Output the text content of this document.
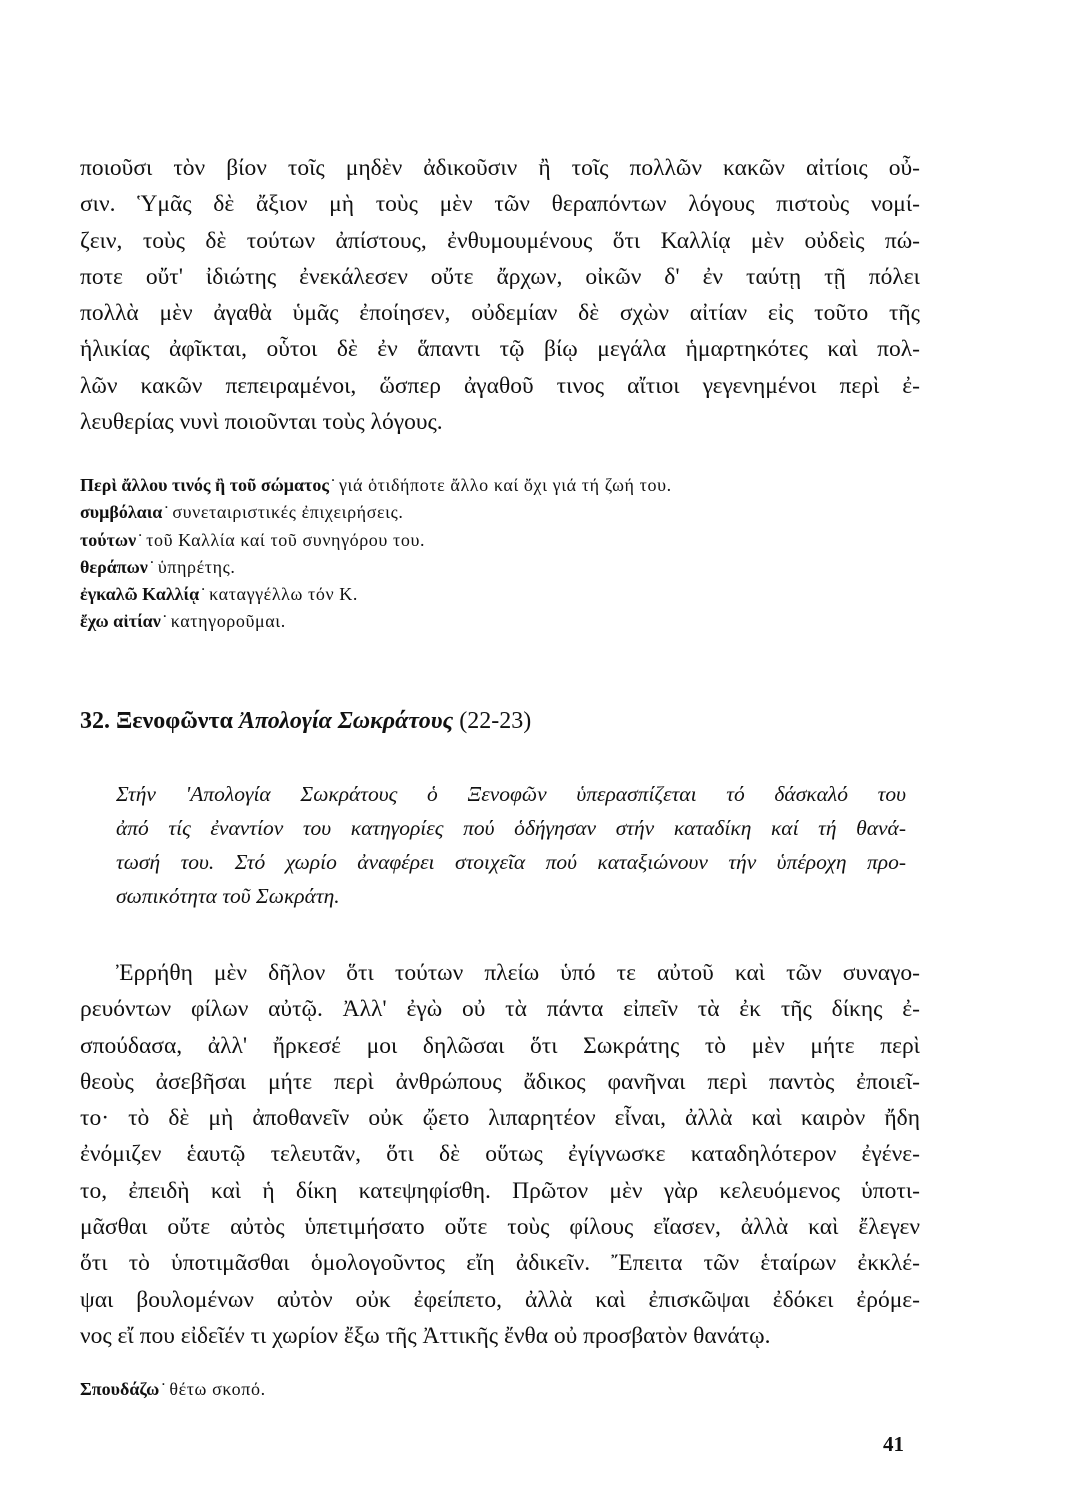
ποιοῦσι τὸν βίον τοῖς μηδὲν ἀδικοῦσιν ἢ τοῖς πολλῶν κακῶν αἰτίοις οὖ-
σιν. Ὑμᾶς δὲ ἄξιον μὴ τοὺς μὲν τῶν θεραπόντων λόγους πιστοὺς νομί-
ζειν, τοὺς δὲ τούτων ἀπίστους, ἐνθυμουμένους ὅτι Καλλίᾳ μὲν οὐδεὶς πώ-
ποτε οὔτ' ἰδιώτης ἐνεκάλεσεν οὔτε ἄρχων, οἰκῶν δ' ἐν ταύτῃ τῇ πόλει
πολλὰ μὲν ἀγαθὰ ὑμᾶς ἐποίησεν, οὐδεμίαν δὲ σχὼν αἰτίαν εἰς τοῦτο τῆς
ἡλικίας ἀφῖκται, οὗτοι δὲ ἐν ἅπαντι τῷ βίῳ μεγάλα ἡμαρτηκότες καὶ πολ-
λῶν κακῶν πεπειραμένοι, ὥσπερ ἀγαθοῦ τινος αἴτιοι γεγενημένοι περὶ ἐ-
λευθερίας νυνὶ ποιοῦνται τοὺς λόγους.
Περὶ ἄλλου τινός ἢ τοῦ σώματος˙ γιά ὁτιδήποτε ἄλλο καί ὄχι γιά τή ζωή του.
συμβόλαια˙ συνεταιριστικές ἐπιχειρήσεις.
τούτων˙ τοῦ Καλλία καί τοῦ συνηγόρου του.
θεράπων˙ ὑπηρέτης.
ἐγκαλῶ Καλλίᾳ˙ καταγγέλλω τόν Κ.
ἔχω αἰτίαν˙ κατηγοροῦμαι.
32. Ξενοφῶντα Ἀπολογία Σωκράτους (22-23)
Στήν 'Απολογία Σωκράτους ὁ Ξενοφῶν ὑπερασπίζεται τό δάσκαλό του
ἀπό τίς ἐναντίον του κατηγορίες πού ὁδήγησαν στήν καταδίκη καί τή θανά-
τωσή του. Στό χωρίο ἀναφέρει στοιχεῖα πού καταξιώνουν τήν ὑπέροχη προ-
σωπικότητα τοῦ Σωκράτη.
Ἐρρήθη μὲν δῆλον ὅτι τούτων πλείω ὑπό τε αὐτοῦ καὶ τῶν συναγο-
ρευόντων φίλων αὐτῷ. Ἀλλ' ἐγὼ οὐ τὰ πάντα εἰπεῖν τὰ ἐκ τῆς δίκης ἐ-
σπούδασα, ἀλλ' ἤρκεσέ μοι δηλῶσαι ὅτι Σωκράτης τὸ μὲν μήτε περὶ
θεοὺς ἀσεβῆσαι μήτε περὶ ἀνθρώπους ἄδικος φανῆναι περὶ παντὸς ἐποιεῖ-
το· τὸ δὲ μὴ ἀποθανεῖν οὐκ ᾤετο λιπαρητέον εἶναι, ἀλλὰ καὶ καιρὸν ἤδη
ἐνόμιζεν ἑαυτῷ τελευτᾶν, ὅτι δὲ οὕτως ἐγίγνωσκε καταδηλότερον ἐγένε-
το, ἐπειδὴ καὶ ἡ δίκη κατεψηφίσθη. Πρῶτον μὲν γὰρ κελευόμενος ὑποτι-
μᾶσθαι οὔτε αὐτὸς ὑπετιμήσατο οὔτε τοὺς φίλους εἴασεν, ἀλλὰ καὶ ἔλεγεν
ὅτι τὸ ὑποτιμᾶσθαι ὁμολογοῦντος εἴη ἀδικεῖν. Ἔπειτα τῶν ἑταίρων ἐκκλέ-
ψαι βουλομένων αὐτὸν οὐκ ἐφείπετο, ἀλλὰ καὶ ἐπισκῶψαι ἐδόκει ἐρόμε-
νος εἴ που εἰδεῖέν τι χωρίον ἔξω τῆς Ἀττικῆς ἔνθα οὐ προσβατὸν θανάτῳ.
Σπουδάζω˙ θέτω σκοπό.
41
